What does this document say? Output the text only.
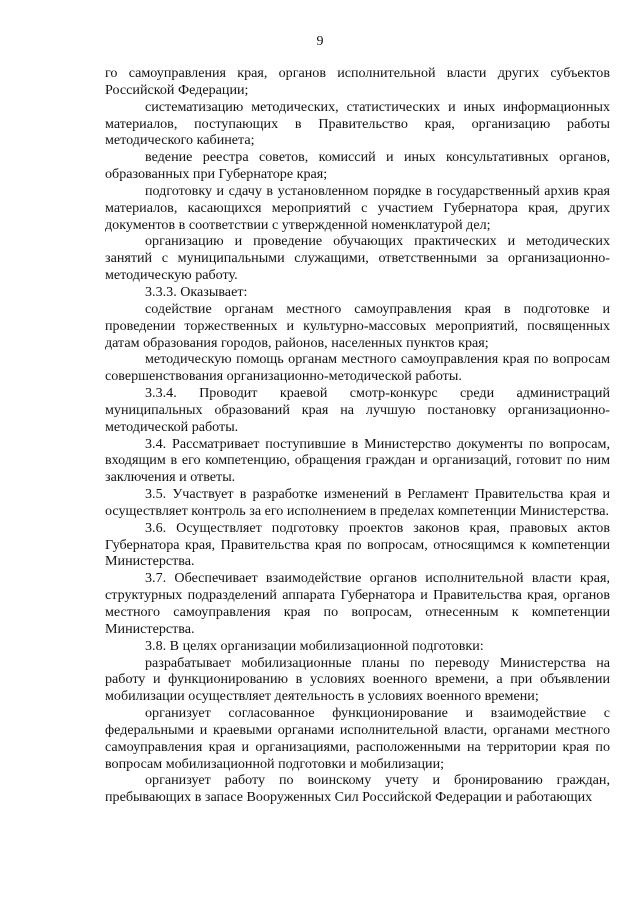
9

го самоуправления края, органов исполнительной власти других субъектов Российской Федерации;

систематизацию методических, статистических и иных информационных материалов, поступающих в Правительство края, организацию работы методического кабинета;

ведение реестра советов, комиссий и иных консультативных органов, образованных при Губернаторе края;

подготовку и сдачу в установленном порядке в государственный архив края материалов, касающихся мероприятий с участием Губернатора края, других документов в соответствии с утвержденной номенклатурой дел;

организацию и проведение обучающих практических и методических занятий с муниципальными служащими, ответственными за организационно-методическую работу.

3.3.3. Оказывает:

содействие органам местного самоуправления края в подготовке и проведении торжественных и культурно-массовых мероприятий, посвященных датам образования городов, районов, населенных пунктов края;

методическую помощь органам местного самоуправления края по вопросам совершенствования организационно-методической работы.

3.3.4. Проводит краевой смотр-конкурс среди администраций муниципальных образований края на лучшую постановку организационно-методической работы.

3.4. Рассматривает поступившие в Министерство документы по вопросам, входящим в его компетенцию, обращения граждан и организаций, готовит по ним заключения и ответы.

3.5. Участвует в разработке изменений в Регламент Правительства края и осуществляет контроль за его исполнением в пределах компетенции Министерства.

3.6. Осуществляет подготовку проектов законов края, правовых актов Губернатора края, Правительства края по вопросам, относящимся к компетенции Министерства.

3.7. Обеспечивает взаимодействие органов исполнительной власти края, структурных подразделений аппарата Губернатора и Правительства края, органов местного самоуправления края по вопросам, отнесенным к компетенции Министерства.

3.8. В целях организации мобилизационной подготовки:

разрабатывает мобилизационные планы по переводу Министерства на работу и функционированию в условиях военного времени, а при объявлении мобилизации осуществляет деятельность в условиях военного времени;

организует согласованное функционирование и взаимодействие с федеральными и краевыми органами исполнительной власти, органами местного самоуправления края и организациями, расположенными на территории края по вопросам мобилизационной подготовки и мобилизации;

организует работу по воинскому учету и бронированию граждан, пребывающих в запасе Вооруженных Сил Российской Федерации и работающих
